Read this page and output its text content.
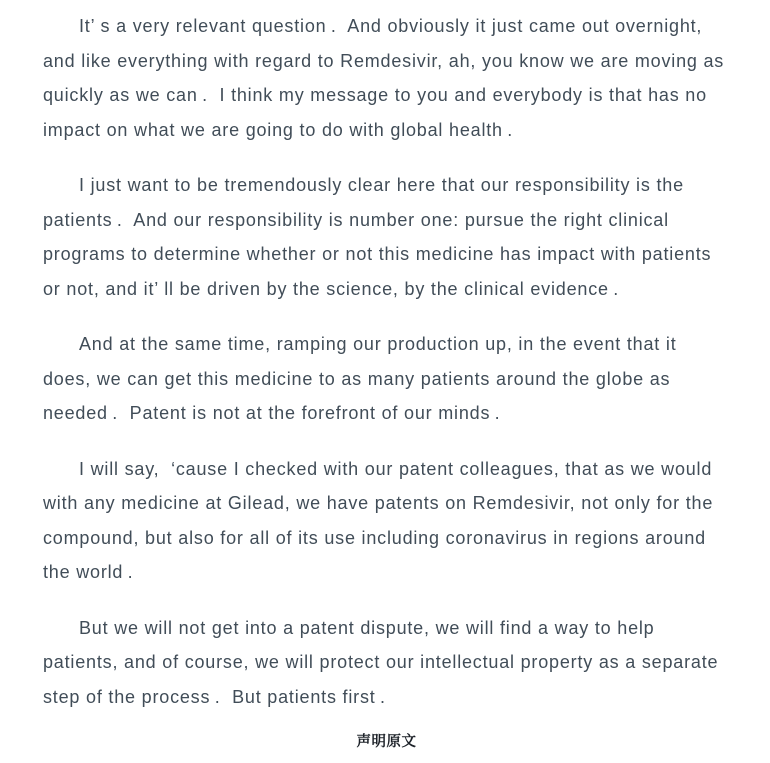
It’ s a very relevant question .  And obviously it just came out overnight, and like everything with regard to Remdesivir, ah, you know we are moving as quickly as we can .  I think my message to you and everybody is that has no impact on what we are going to do with global health .

I just want to be tremendously clear here that our responsibility is the patients .  And our responsibility is number one: pursue the right clinical programs to determine whether or not this medicine has impact with patients or not, and it’ ll be driven by the science, by the clinical evidence .

And at the same time, ramping our production up, in the event that it does, we can get this medicine to as many patients around the globe as needed .  Patent is not at the forefront of our minds .

I will say,  ‘cause I checked with our patent colleagues, that as we would with any medicine at Gilead, we have patents on Remdesivir, not only for the compound, but also for all of its use including coronavirus in regions around the world .

But we will not get into a patent dispute, we will find a way to help patients, and of course, we will protect our intellectual property as a separate step of the process .  But patients first .

声明原文
